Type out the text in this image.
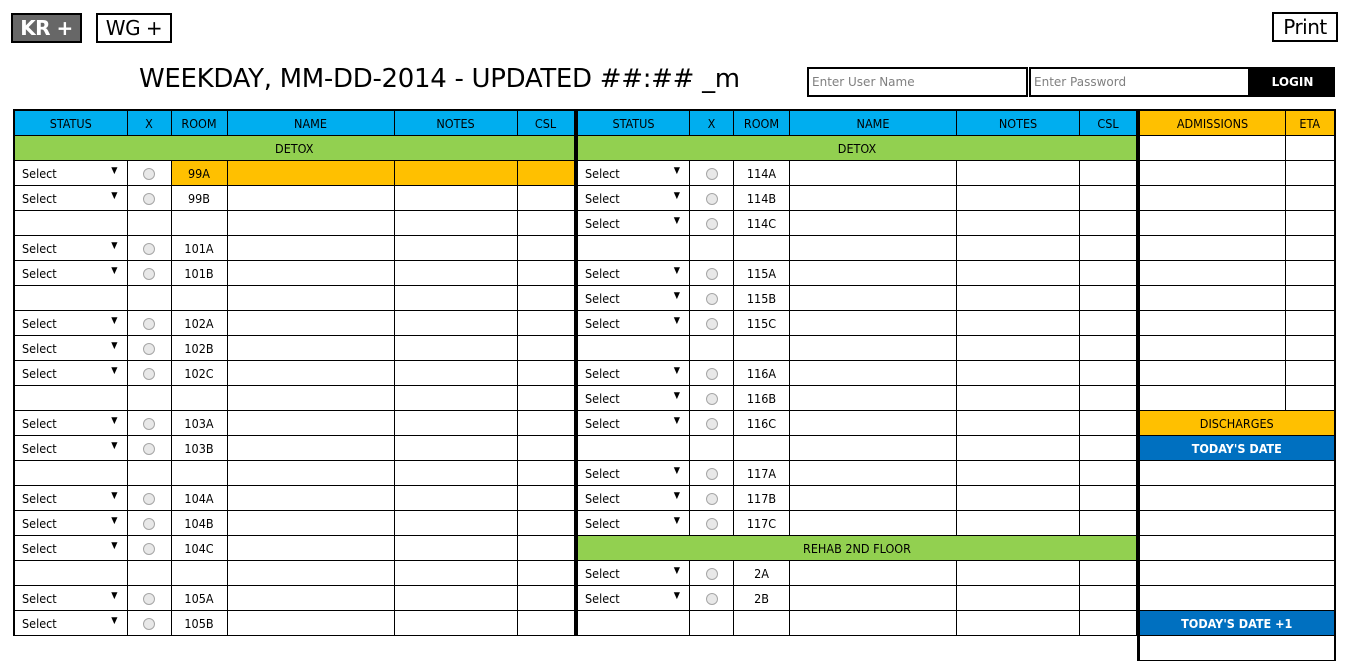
KR +	WG +	Print
WEEKDAY, MM-DD-2014 - UPDATED ##:## _m
Enter User Name	LOGIN
STATUS	X	ROOM	NAME	NOTES	CSL
DETOX					
Select ▼		99A			
Select ▼		99B			

Select ▼		101A			
Select ▼		101B			

Select ▼		102A			
Select ▼		102B			
Select ▼		102C			

Select ▼		103A			
Select ▼		103B			

Select ▼		104A			
Select ▼		104B			
Select ▼		104C			

Select ▼		105A			
Select ▼		105B			
STATUS	X	ROOM	NAME	NOTES	CSL
DETOX					
Select ▼		114A			
Select ▼		114B			
Select ▼		114C			

Select ▼		115A			
Select ▼		115B			
Select ▼		115C			

Select ▼		116A			
Select ▼		116B			
Select ▼		116C			

Select ▼		117A			
Select ▼		117B			
Select ▼		117C			
REHAB 2ND FLOOR					
Select ▼		2A			
Select ▼		2B			

ADMISSIONS	ETA

DISCHARGES	
TODAY'S DATE	

TODAY'S DATE +1	
